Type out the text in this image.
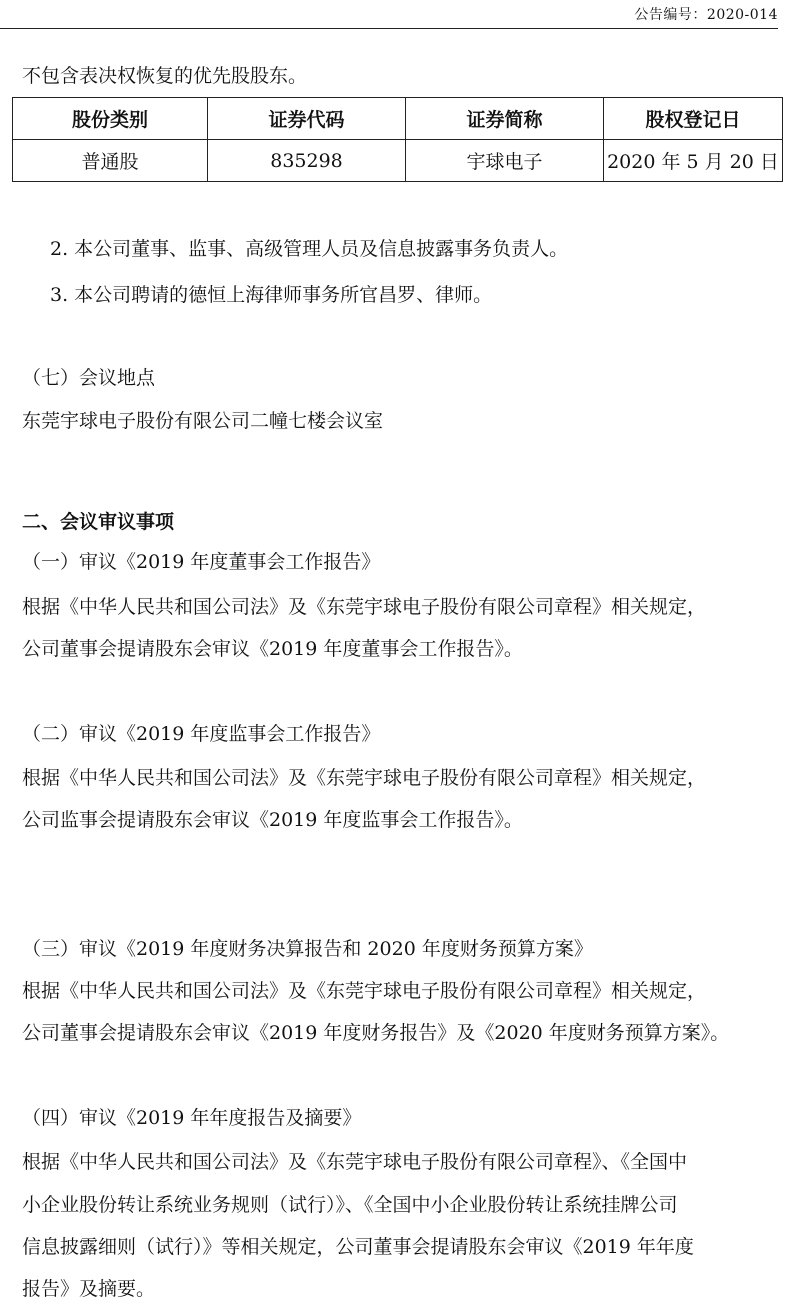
公告编号：2020-014
不包含表决权恢复的优先股股东。
股份类别	证券代码	证券简称	股权登记日
普通股	835298	宇球电子	2020 年 5 月 20 日
2. 本公司董事、监事、高级管理人员及信息披露事务负责人。
3. 本公司聘请的德恒上海律师事务所官昌罗、律师。
（七）会议地点
东莞宇球电子股份有限公司二幢七楼会议室
二、会议审议事项
（一）审议《2019 年度董事会工作报告》
根据《中华人民共和国公司法》及《东莞宇球电子股份有限公司章程》相关规定，
公司董事会提请股东会审议《2019 年度董事会工作报告》。
（二）审议《2019 年度监事会工作报告》
根据《中华人民共和国公司法》及《东莞宇球电子股份有限公司章程》相关规定，
公司监事会提请股东会审议《2019 年度监事会工作报告》。
（三）审议《2019 年度财务决算报告和 2020 年度财务预算方案》
根据《中华人民共和国公司法》及《东莞宇球电子股份有限公司章程》相关规定，
公司董事会提请股东会审议《2019 年度财务报告》及《2020 年度财务预算方案》。
（四）审议《2019 年年度报告及摘要》
根据《中华人民共和国公司法》及《东莞宇球电子股份有限公司章程》、《全国中
小企业股份转让系统业务规则（试行）》、《全国中小企业股份转让系统挂牌公司
信息披露细则（试行）》等相关规定，公司董事会提请股东会审议《2019 年年度
报告》及摘要。
